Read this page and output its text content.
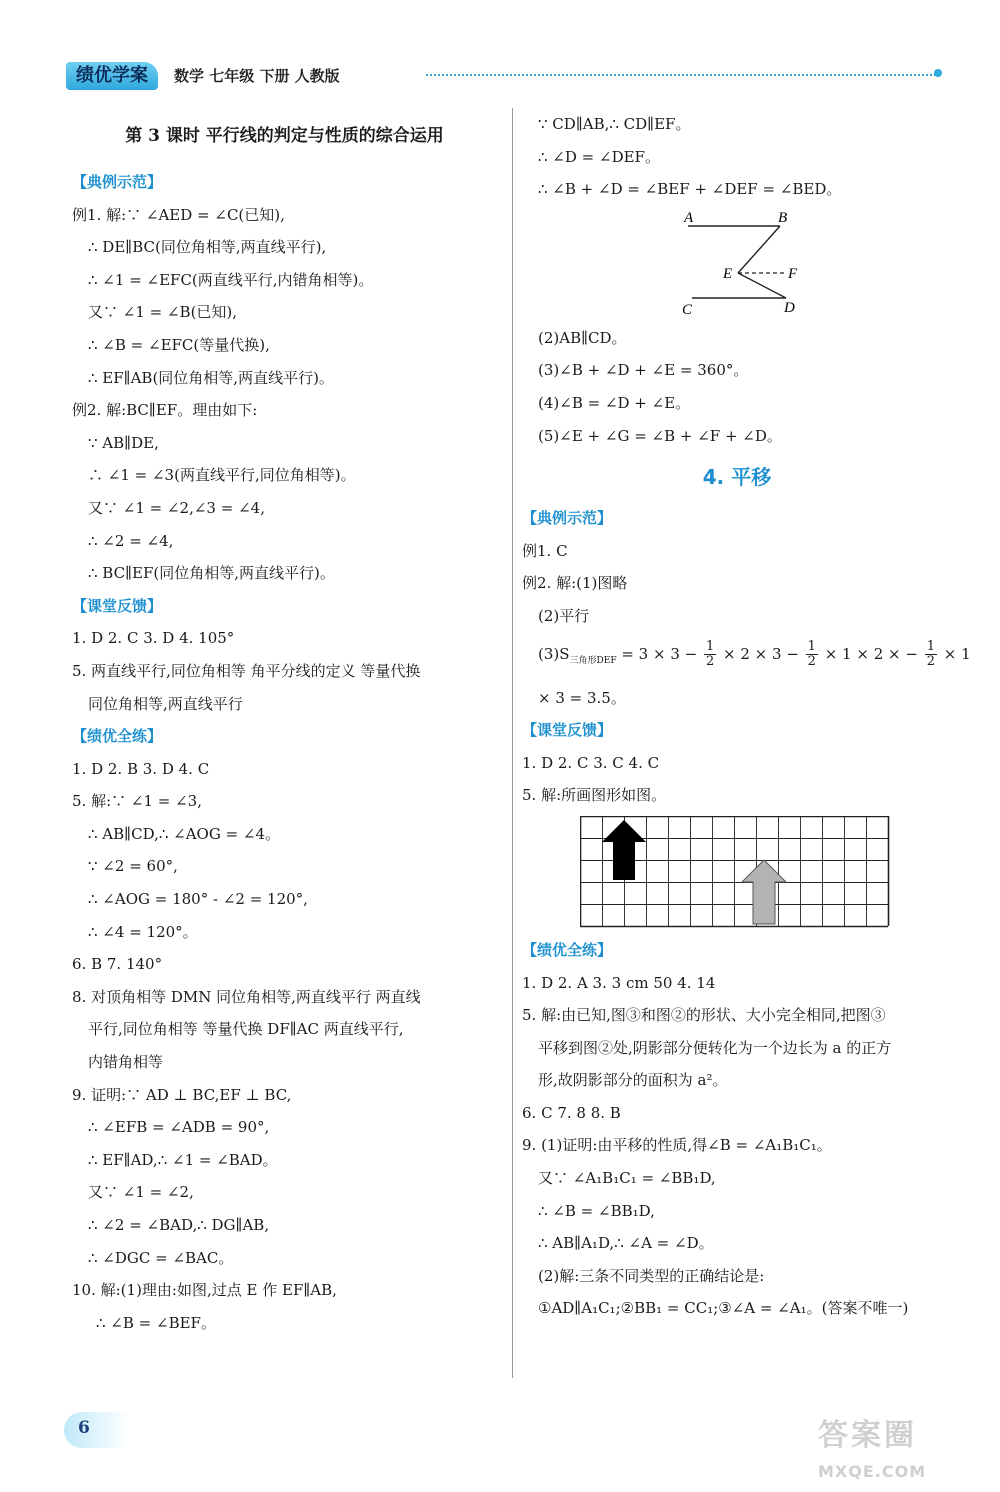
绩优学案	数学 七年级 下册 人教版
第 3 课时 平行线的判定与性质的综合运用
【典例示范】
例1. 解:∵ ∠AED = ∠C(已知),
∴ DE∥BC(同位角相等,两直线平行),
∴ ∠1 = ∠EFC(两直线平行,内错角相等)。
又∵ ∠1 = ∠B(已知),
∴ ∠B = ∠EFC(等量代换),
∴ EF∥AB(同位角相等,两直线平行)。
例2. 解:BC∥EF。理由如下:
∵ AB∥DE,
∴ ∠1 = ∠3(两直线平行,同位角相等)。
又∵ ∠1 = ∠2,∠3 = ∠4,
∴ ∠2 = ∠4,
∴ BC∥EF(同位角相等,两直线平行)。
【课堂反馈】
1. D 2. C 3. D 4. 105°
5. 两直线平行,同位角相等 角平分线的定义 等量代换
同位角相等,两直线平行
【绩优全练】
1. D 2. B 3. D 4. C
5. 解:∵ ∠1 = ∠3,
∴ AB∥CD,∴ ∠AOG = ∠4。
∵ ∠2 = 60°,
∴ ∠AOG = 180° - ∠2 = 120°,
∴ ∠4 = 120°。
6. B 7. 140°
8. 对顶角相等 DMN 同位角相等,两直线平行 两直线
平行,同位角相等 等量代换 DF∥AC 两直线平行,
内错角相等
9. 证明:∵ AD ⊥ BC,EF ⊥ BC,
∴ ∠EFB = ∠ADB = 90°,
∴ EF∥AD,∴ ∠1 = ∠BAD。
又∵ ∠1 = ∠2,
∴ ∠2 = ∠BAD,∴ DG∥AB,
∴ ∠DGC = ∠BAC。
10. 解:(1)理由:如图,过点 E 作 EF∥AB,
∴ ∠B = ∠BEF。
∵ CD∥AB,∴ CD∥EF。
∴ ∠D = ∠DEF。
∴ ∠B + ∠D = ∠BEF + ∠DEF = ∠BED。
A	B
E	F
C	D
(2)AB∥CD。
(3)∠B + ∠D + ∠E = 360°。
(4)∠B = ∠D + ∠E。
(5)∠E + ∠G = ∠B + ∠F + ∠D。
4. 平移
【典例示范】
例1. C
例2. 解:(1)图略
(2)平行
$(3)S_{三角形DEF} = 3 \times 3 - \frac{1}{2} \times 2 \times 3 - \frac{1}{2} \times 1 \times 2$ × − $\frac{1}{2} \times 1$
× 3 = 3.5。
【课堂反馈】
1. D 2. C 3. C 4. C
5. 解:所画图形如图。
【绩优全练】
1. D 2. A 3. 3 cm 50 4. 14
5. 解:由已知,图③和图②的形状、大小完全相同,把图③
平移到图②处,阴影部分便转化为一个边长为 a 的正方
形,故阴影部分的面积为 a²。
6. C 7. 8 8. B
9. (1)证明:由平移的性质,得∠B = ∠A₁B₁C₁。
又∵ ∠A₁B₁C₁ = ∠BB₁D,
∴ ∠B = ∠BB₁D,
∴ AB∥A₁D,∴ ∠A = ∠D。
(2)解:三条不同类型的正确结论是:
①AD∥A₁C₁;②BB₁ = CC₁;③∠A = ∠A₁。(答案不唯一)
6	答案圈
MXQE.COM
